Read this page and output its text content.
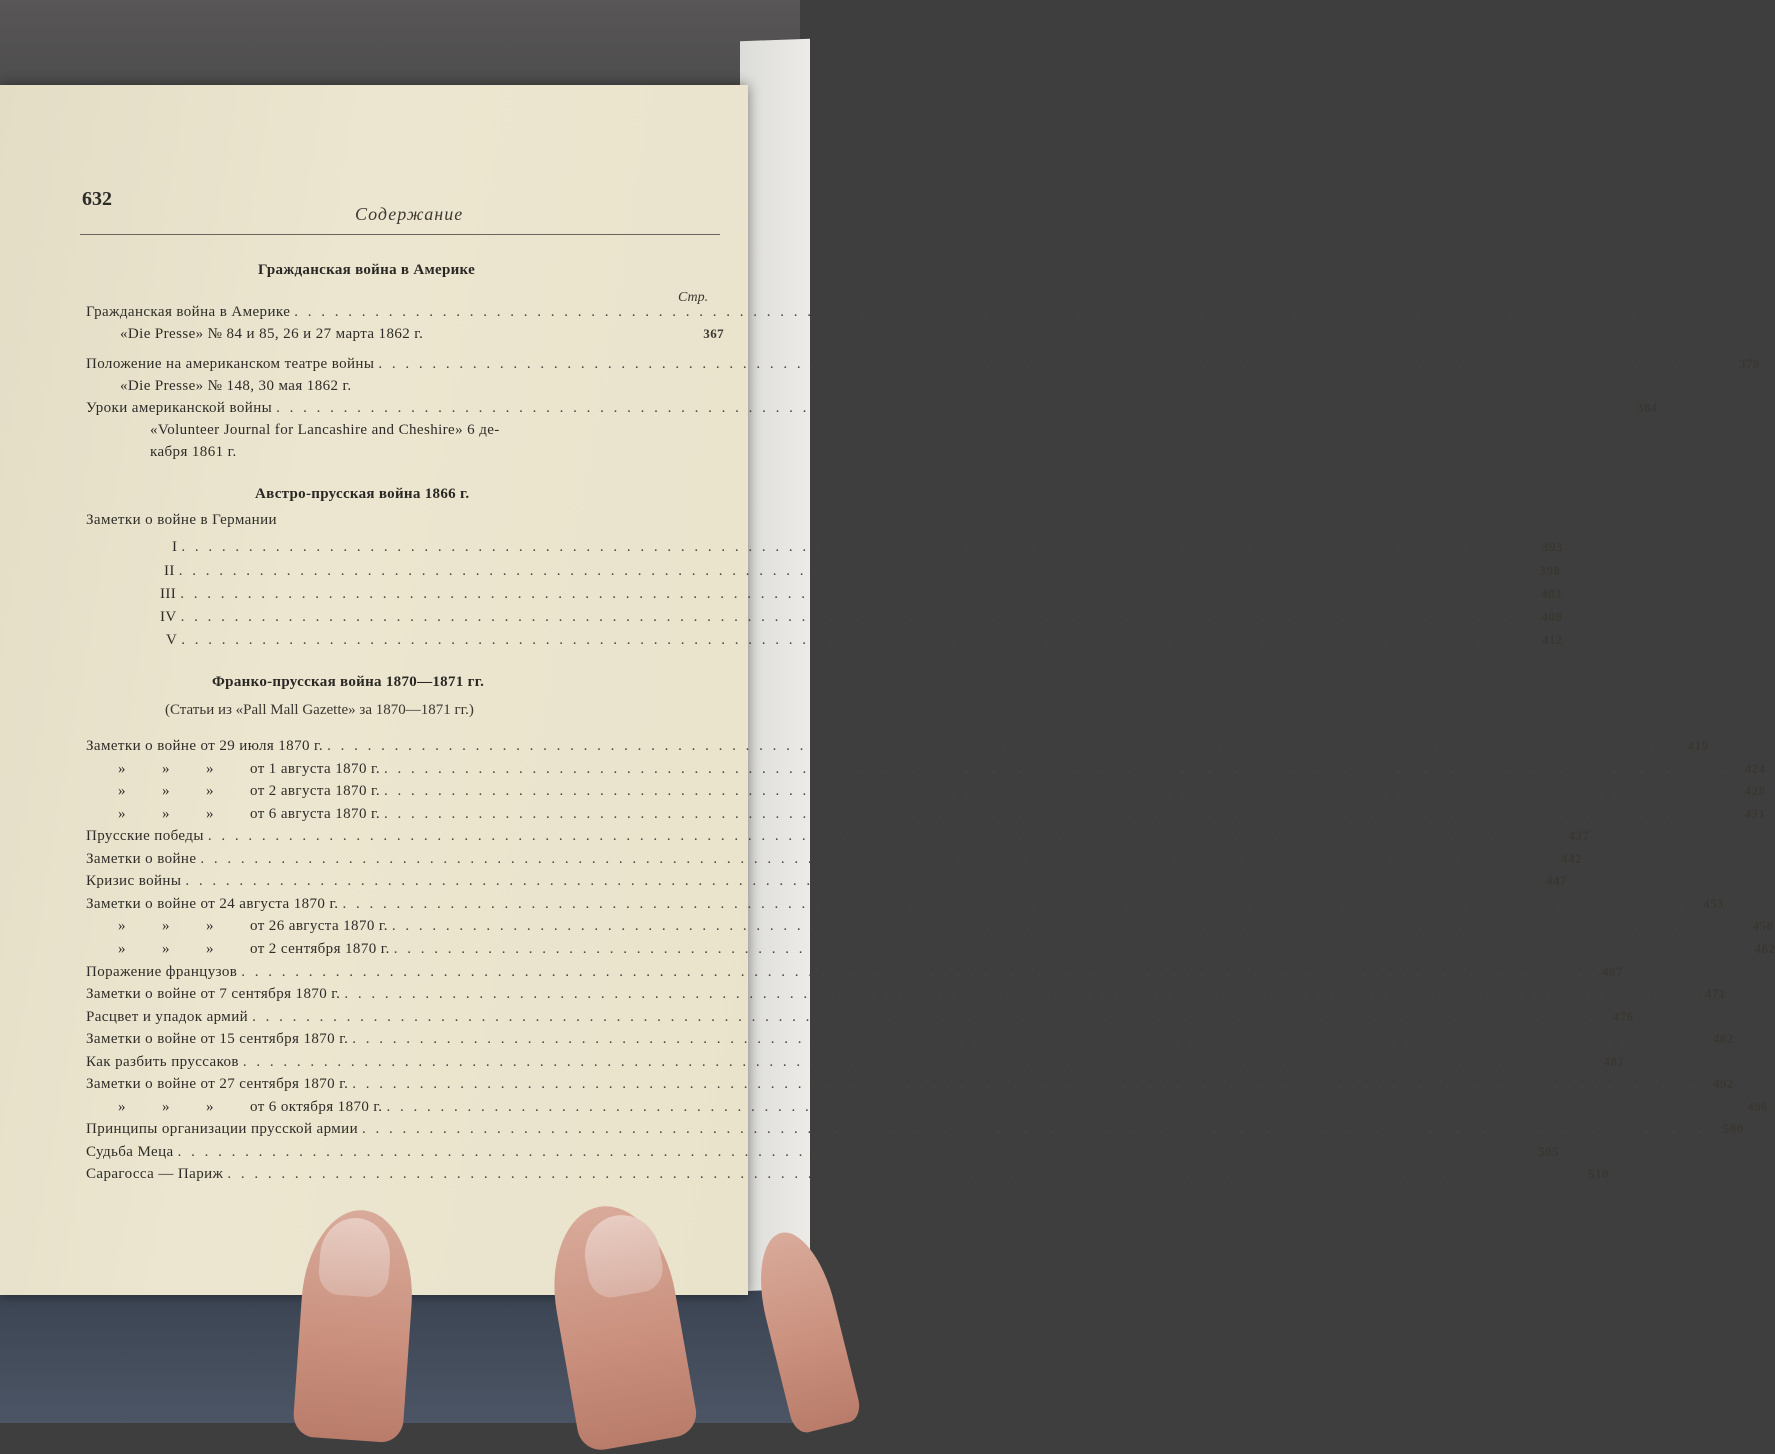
632
Содержание
Гражданская война в Америке
Стр.
Гражданская война в Америке . . . . . . . . . . . . . . . . . . . . . . . . . . . . . . . . . . . . . . . . . . . . . . . . . . . . . . . . . . . . . . . . . . . . . . . . . . . . . . . . . . . . . . . . . . . . . . . . . . . . .
«Die Presse» № 84 и 85, 26 и 27 марта 1862 г.	367
Положение на американском театре войны . . . . . . . . . . . . . . . . . . . . . . . . . . . . . . . . . . . . . . . . . . . . . . . . . . . . . . . . . . . . . . . . . . . . . . . . . . . . . . . . . . . . . . . . . . . . . . . . . . . . . 379
«Die Presse» № 148, 30 мая 1862 г.
Уроки американской войны . . . . . . . . . . . . . . . . . . . . . . . . . . . . . . . . . . . . . . . . . . . . . . . . . . . . . . . . . . . . . . . . . . . . . . . . . . . . . . . . . . . . . . . . . . . . . . . . . . . . . 384
«Volunteer Journal for Lancashire and Cheshire» 6 де-
кабря 1861 г.
Австро-прусская война 1866 г.
Заметки о войне в Германии
I . . . . . . . . . . . . . . . . . . . . . . . . . . . . . . . . . . . . . . . . . . . . . . . . . . . . . . . . . . . . . . . . . . . . . . . . . . . . . . . . . . . . . . . . . . . . . . . . . . . . . 393
II . . . . . . . . . . . . . . . . . . . . . . . . . . . . . . . . . . . . . . . . . . . . . . . . . . . . . . . . . . . . . . . . . . . . . . . . . . . . . . . . . . . . . . . . . . . . . . . . . . . . . 398
III . . . . . . . . . . . . . . . . . . . . . . . . . . . . . . . . . . . . . . . . . . . . . . . . . . . . . . . . . . . . . . . . . . . . . . . . . . . . . . . . . . . . . . . . . . . . . . . . . . . . . 403
IV . . . . . . . . . . . . . . . . . . . . . . . . . . . . . . . . . . . . . . . . . . . . . . . . . . . . . . . . . . . . . . . . . . . . . . . . . . . . . . . . . . . . . . . . . . . . . . . . . . . . . 408
V . . . . . . . . . . . . . . . . . . . . . . . . . . . . . . . . . . . . . . . . . . . . . . . . . . . . . . . . . . . . . . . . . . . . . . . . . . . . . . . . . . . . . . . . . . . . . . . . . . . . . 412
Франко-прусская война 1870—1871 гг.
(Статьи из «Pall Mall Gazette» за 1870—1871 гг.)
Заметки о войне от 29 июля 1870 г. . . . . . . . . . . . . . . . . . . . . . . . . . . . . . . . . . . . . . . . . . . . . . . . . . . . . . . . . . . . . . . . . . . . . . . . . . . . . . . . . . . . . . . . . . . . . . . . . . . . . . 419
» » »	от 1 августа 1870 г. . . . . . . . . . . . . . . . . . . . . . . . . . . . . . . . . . . . . . . . . . . . . . . . . . . . . . . . . . . . . . . . . . . . . . . . . . . . . . . . . . . . . . . . . . . . . . . . . . . . . . 424
» » »	от 2 августа 1870 г. . . . . . . . . . . . . . . . . . . . . . . . . . . . . . . . . . . . . . . . . . . . . . . . . . . . . . . . . . . . . . . . . . . . . . . . . . . . . . . . . . . . . . . . . . . . . . . . . . . . . . 428
» » »	от 6 августа 1870 г. . . . . . . . . . . . . . . . . . . . . . . . . . . . . . . . . . . . . . . . . . . . . . . . . . . . . . . . . . . . . . . . . . . . . . . . . . . . . . . . . . . . . . . . . . . . . . . . . . . . . . 431
Прусские победы . . . . . . . . . . . . . . . . . . . . . . . . . . . . . . . . . . . . . . . . . . . . . . . . . . . . . . . . . . . . . . . . . . . . . . . . . . . . . . . . . . . . . . . . . . . . . . . . . . . . . 437
Заметки о войне . . . . . . . . . . . . . . . . . . . . . . . . . . . . . . . . . . . . . . . . . . . . . . . . . . . . . . . . . . . . . . . . . . . . . . . . . . . . . . . . . . . . . . . . . . . . . . . . . . . . . 442
Кризис войны . . . . . . . . . . . . . . . . . . . . . . . . . . . . . . . . . . . . . . . . . . . . . . . . . . . . . . . . . . . . . . . . . . . . . . . . . . . . . . . . . . . . . . . . . . . . . . . . . . . . . 447
Заметки о войне от 24 августа 1870 г. . . . . . . . . . . . . . . . . . . . . . . . . . . . . . . . . . . . . . . . . . . . . . . . . . . . . . . . . . . . . . . . . . . . . . . . . . . . . . . . . . . . . . . . . . . . . . . . . . . . . . 453
» » »	от 26 августа 1870 г. . . . . . . . . . . . . . . . . . . . . . . . . . . . . . . . . . . . . . . . . . . . . . . . . . . . . . . . . . . . . . . . . . . . . . . . . . . . . . . . . . . . . . . . . . . . . . . . . . . . . . 458
» » »	от 2 сентября 1870 г. . . . . . . . . . . . . . . . . . . . . . . . . . . . . . . . . . . . . . . . . . . . . . . . . . . . . . . . . . . . . . . . . . . . . . . . . . . . . . . . . . . . . . . . . . . . . . . . . . . . . . 462
Поражение французов . . . . . . . . . . . . . . . . . . . . . . . . . . . . . . . . . . . . . . . . . . . . . . . . . . . . . . . . . . . . . . . . . . . . . . . . . . . . . . . . . . . . . . . . . . . . . . . . . . . . . 467
Заметки о войне от 7 сентября 1870 г. . . . . . . . . . . . . . . . . . . . . . . . . . . . . . . . . . . . . . . . . . . . . . . . . . . . . . . . . . . . . . . . . . . . . . . . . . . . . . . . . . . . . . . . . . . . . . . . . . . . . . 471
Расцвет и упадок армий . . . . . . . . . . . . . . . . . . . . . . . . . . . . . . . . . . . . . . . . . . . . . . . . . . . . . . . . . . . . . . . . . . . . . . . . . . . . . . . . . . . . . . . . . . . . . . . . . . . . . 476
Заметки о войне от 15 сентября 1870 г. . . . . . . . . . . . . . . . . . . . . . . . . . . . . . . . . . . . . . . . . . . . . . . . . . . . . . . . . . . . . . . . . . . . . . . . . . . . . . . . . . . . . . . . . . . . . . . . . . . . . . 482
Как разбить пруссаков . . . . . . . . . . . . . . . . . . . . . . . . . . . . . . . . . . . . . . . . . . . . . . . . . . . . . . . . . . . . . . . . . . . . . . . . . . . . . . . . . . . . . . . . . . . . . . . . . . . . . 487
Заметки о войне от 27 сентября 1870 г. . . . . . . . . . . . . . . . . . . . . . . . . . . . . . . . . . . . . . . . . . . . . . . . . . . . . . . . . . . . . . . . . . . . . . . . . . . . . . . . . . . . . . . . . . . . . . . . . . . . . . 492
» » »	от 6 октября 1870 г. . . . . . . . . . . . . . . . . . . . . . . . . . . . . . . . . . . . . . . . . . . . . . . . . . . . . . . . . . . . . . . . . . . . . . . . . . . . . . . . . . . . . . . . . . . . . . . . . . . . . . 496
Принципы организации прусской армии . . . . . . . . . . . . . . . . . . . . . . . . . . . . . . . . . . . . . . . . . . . . . . . . . . . . . . . . . . . . . . . . . . . . . . . . . . . . . . . . . . . . . . . . . . . . . . . . . . . . . 500
Судьба Меца . . . . . . . . . . . . . . . . . . . . . . . . . . . . . . . . . . . . . . . . . . . . . . . . . . . . . . . . . . . . . . . . . . . . . . . . . . . . . . . . . . . . . . . . . . . . . . . . . . . . . 505
Сарагосса — Париж . . . . . . . . . . . . . . . . . . . . . . . . . . . . . . . . . . . . . . . . . . . . . . . . . . . . . . . . . . . . . . . . . . . . . . . . . . . . . . . . . . . . . . . . . . . . . . . . . . . . . 510
